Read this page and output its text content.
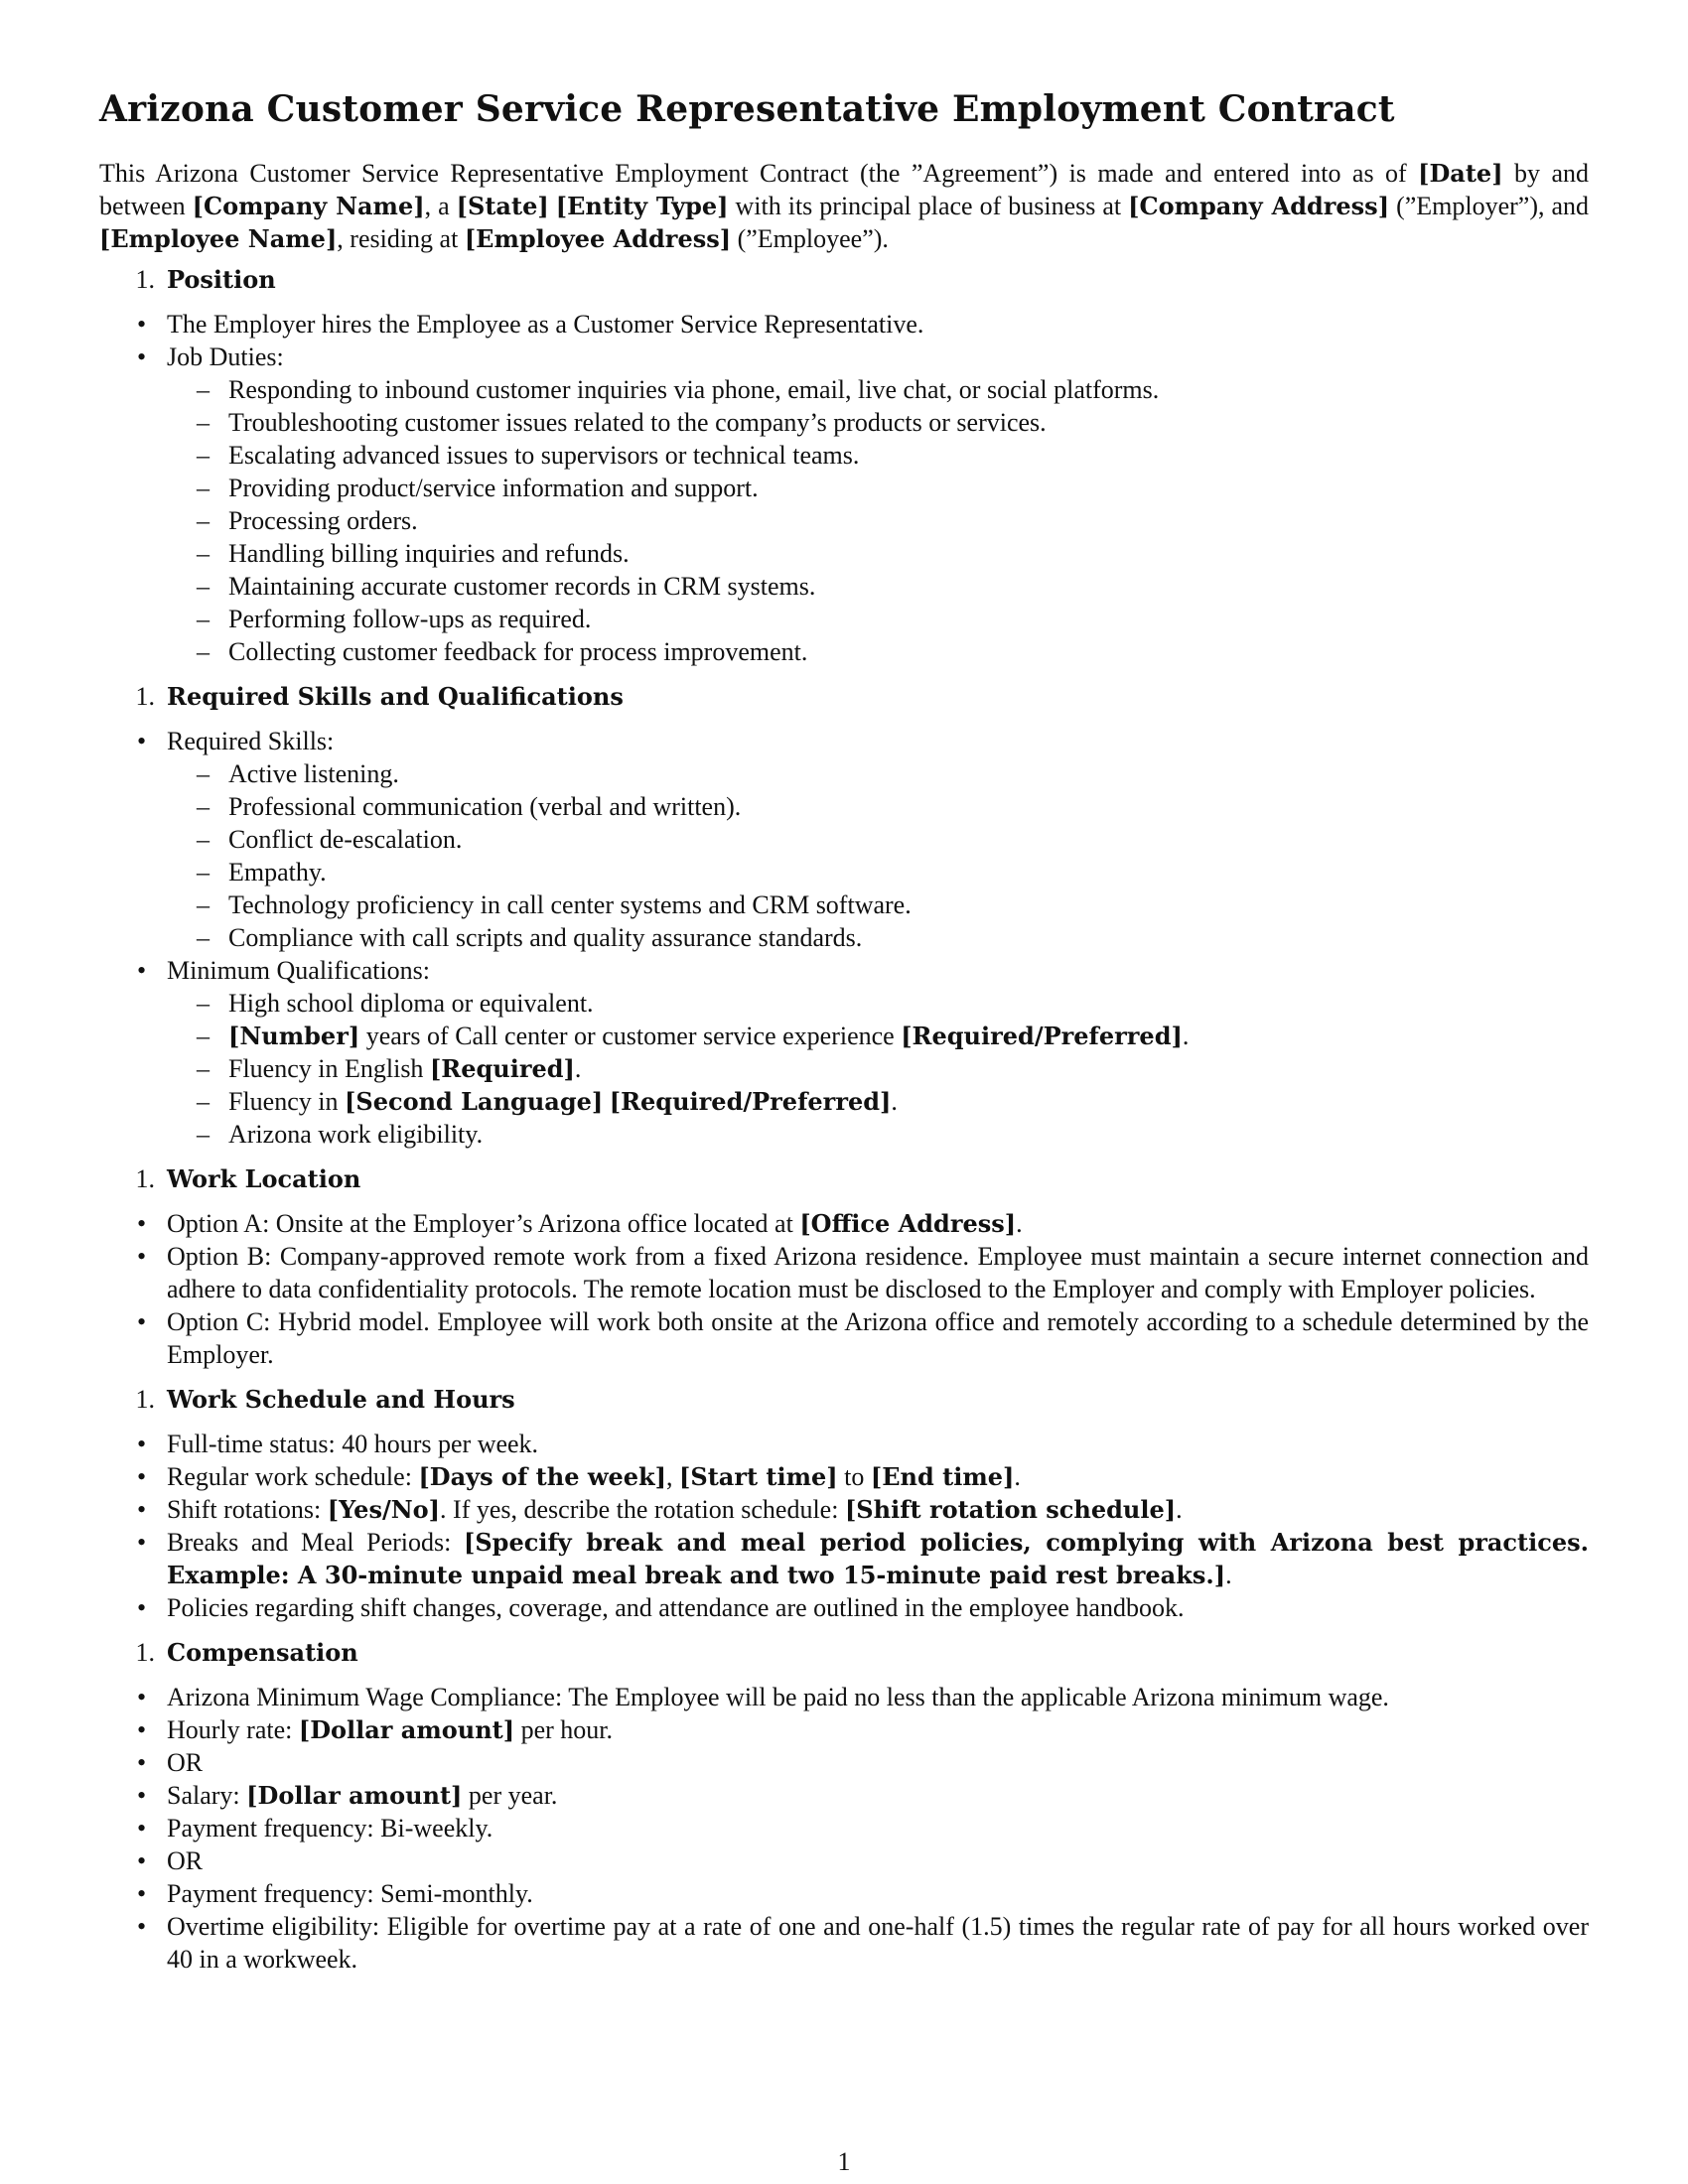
Arizona Customer Service Representative Employment Contract

This Arizona Customer Service Representative Employment Contract (the ”Agreement”) is made and entered into as of [Date] by and between [Company Name], a [State] [Entity Type] with its principal place of business at [Company Address] (”Employer”), and [Employee Name], residing at [Employee Address] (”Employee”).

1. Position
• The Employer hires the Employee as a Customer Service Representative.
• Job Duties:
– Responding to inbound customer inquiries via phone, email, live chat, or social platforms.
– Troubleshooting customer issues related to the company’s products or services.
– Escalating advanced issues to supervisors or technical teams.
– Providing product/service information and support.
– Processing orders.
– Handling billing inquiries and refunds.
– Maintaining accurate customer records in CRM systems.
– Performing follow-ups as required.
– Collecting customer feedback for process improvement.
1. Required Skills and Qualifications
• Required Skills:
– Active listening.
– Professional communication (verbal and written).
– Conflict de-escalation.
– Empathy.
– Technology proficiency in call center systems and CRM software.
– Compliance with call scripts and quality assurance standards.
• Minimum Qualifications:
– High school diploma or equivalent.
– [Number] years of Call center or customer service experience [Required/Preferred].
– Fluency in English [Required].
– Fluency in [Second Language] [Required/Preferred].
– Arizona work eligibility.
1. Work Location
• Option A: Onsite at the Employer’s Arizona office located at [Office Address].
• Option B: Company-approved remote work from a fixed Arizona residence. Employee must maintain a secure internet connection and adhere to data confidentiality protocols. The remote location must be disclosed to the Employer and comply with Employer policies.
• Option C: Hybrid model. Employee will work both onsite at the Arizona office and remotely according to a schedule determined by the Employer.
1. Work Schedule and Hours
• Full-time status: 40 hours per week.
• Regular work schedule: [Days of the week], [Start time] to [End time].
• Shift rotations: [Yes/No]. If yes, describe the rotation schedule: [Shift rotation schedule].
• Breaks and Meal Periods: [Specify break and meal period policies, complying with Arizona best practices. Example: A 30-minute unpaid meal break and two 15-minute paid rest breaks.].
• Policies regarding shift changes, coverage, and attendance are outlined in the employee handbook.
1. Compensation
• Arizona Minimum Wage Compliance: The Employee will be paid no less than the applicable Arizona minimum wage.
• Hourly rate: [Dollar amount] per hour.
• OR
• Salary: [Dollar amount] per year.
• Payment frequency: Bi-weekly.
• OR
• Payment frequency: Semi-monthly.
• Overtime eligibility: Eligible for overtime pay at a rate of one and one-half (1.5) times the regular rate of pay for all hours worked over 40 in a workweek.
1
